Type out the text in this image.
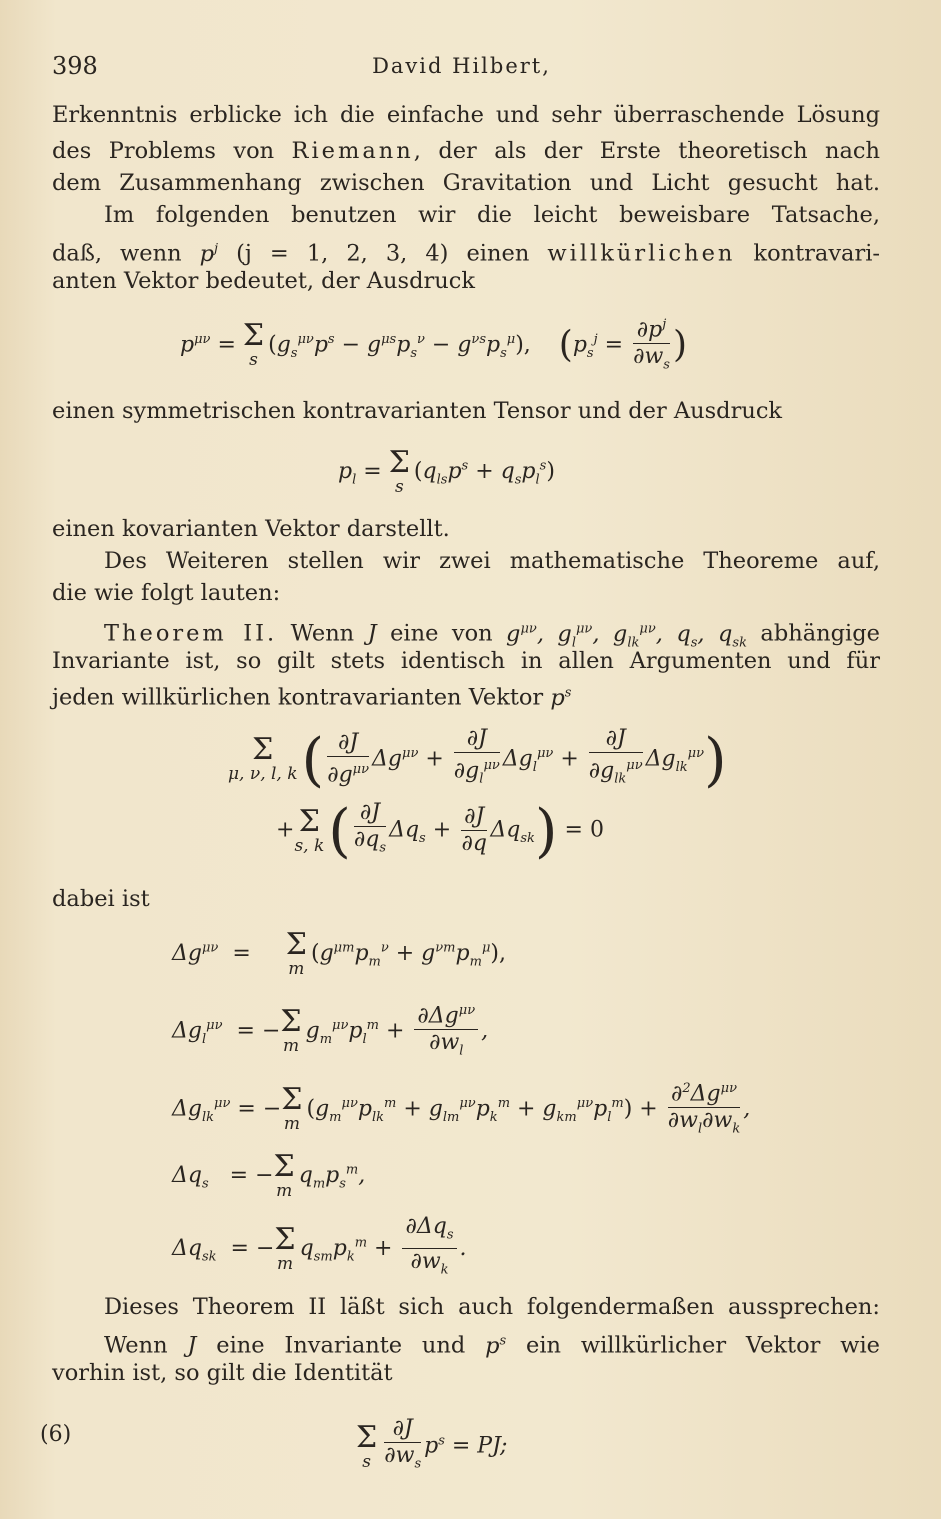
398	David Hilbert,
Erkenntnis erblicke ich die einfache und sehr überraschende Lösung
des Problems von Riemann, der als der Erste theoretisch nach
dem Zusammenhang zwischen Gravitation und Licht gesucht hat.
Im folgenden benutzen wir die leicht beweisbare Tatsache,
daß, wenn $p^j$ (j = 1, 2, 3, 4) einen willkürlichen kontravari-
anten Vektor bedeutet, der Ausdruck
$p^{\mu\nu} = \Sigma$
s
$(g_s^{\mu\nu}p^s - g^{\mu s}p_s^\nu - g^{\nu s}p_s^\mu)$, ($p_s^j = \frac{\partial p^j}{\partial w_s}$ )
einen symmetrischen kontravarianten Tensor und der Ausdruck
$p_l = \Sigma$
s
$(q_{ls}p^s + q_sp_l^s)$
einen kovarianten Vektor darstellt.
Des Weiteren stellen wir zwei mathematische Theoreme auf,
die wie folgt lauten:
Theorem II. Wenn J eine von $g^{\mu\nu}$, $g_l^{\mu\nu}$, $g_{lk}^{\mu\nu}$, $q_s$, $q_{sk}$ abhängige
Invariante ist, so gilt stets identisch in allen Argumenten und für
jeden willkürlichen kontravarianten Vektor $p^s$
Σ
μ, ν, l, k ( $\frac{\partial J}{\partial g^{\mu\nu}} \Delta g^{\mu\nu} + \frac{\partial J}{\partial g_l^{\mu\nu}} \Delta g_l^{\mu\nu} + \frac{\partial J}{\partial g_{lk}^{\mu\nu}} \Delta g_{lk}^{\mu\nu}$)
+ Σ
s, k ( $\frac{\partial J}{\partial q_s} \Delta q_s + \frac{\partial J}{\partial q} \Delta q_{sk}) = 0$
dabei ist
$\Delta g^{\mu\nu} = \Sigma$
m
$(g^{\mu m}p_m^\nu + g^{\nu m}p_m^\mu)$,
$\Delta g_l^{\mu\nu}$ = − Σ
m
$g_m^{\mu\nu}p_l^m + \frac{\partial\Delta g^{\mu\nu}}{\partial w_l}$ ,
$\Delta g_{lk}^{\mu\nu}$ = − Σ
m
$(g_m^{\mu\nu}p_{lk}^m + g_{lm}^{\mu\nu}p_k^m + g_{km}^{\mu\nu}p_l^m) + \frac{\partial^2\Delta g^{\mu\nu}}{\partial w_l\partial w_k}$ ,
$\Delta q_s$ = − Σ
m
$q_mp_s^m$,
$\Delta q_{sk}$ = − Σ
m
$q_{sm}p_k^m + \frac{\partial\Delta q_s}{\partial w_k}$ .
Dieses Theorem II läßt sich auch folgendermaßen aussprechen:
Wenn J eine Invariante und $p^s$ ein willkürlicher Vektor wie
vorhin ist, so gilt die Identität
(6)	Σ
s $\frac{\partial J}{\partial w_s} p^s$ = PJ;
